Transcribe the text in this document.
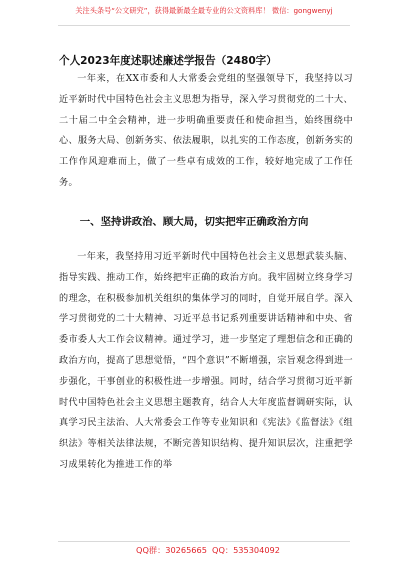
关注头条号“公文研究”，获得最新最全最专业的公文资料库！ 微信：gongwenyj
个人2023年度述职述廉述学报告（2480字）

一年来，在XX市委和人大常委会党组的坚强领导下，我坚持以习近平新时代中国特色社会主义思想为指导，深入学习贯彻党的二十大、二十届二中全会精神，进一步明确重要责任和使命担当，始终围绕中心、服务大局、创新务实、依法履职，以扎实的工作态度，创新务实的工作作风迎难而上，做了一些卓有成效的工作，较好地完成了工作任务。

一、坚持讲政治、顾大局，切实把牢正确政治方向

一年来，我坚持用习近平新时代中国特色社会主义思想武装头脑、指导实践、推动工作，始终把牢正确的政治方向。我牢固树立终身学习的理念，在积极参加机关组织的集体学习的同时，自觉开展自学。深入学习贯彻党的二十大精神、习近平总书记系列重要讲话精神和中央、省委市委人大工作会议精神。通过学习，进一步坚定了理想信念和正确的政治方向，提高了思想觉悟，“四个意识”不断增强，宗旨观念得到进一步强化，干事创业的积极性进一步增强。同时，结合学习贯彻习近平新时代中国特色社会主义思想主题教育，结合人大年度监督调研实际，认真学习民主法治、人大常委会工作等专业知识和《宪法》《监督法》《组织法》等相关法律法规，不断完善知识结构、提升知识层次，注重把学习成果转化为推进工作的举

QQ群：30265665 QQ：535304092
